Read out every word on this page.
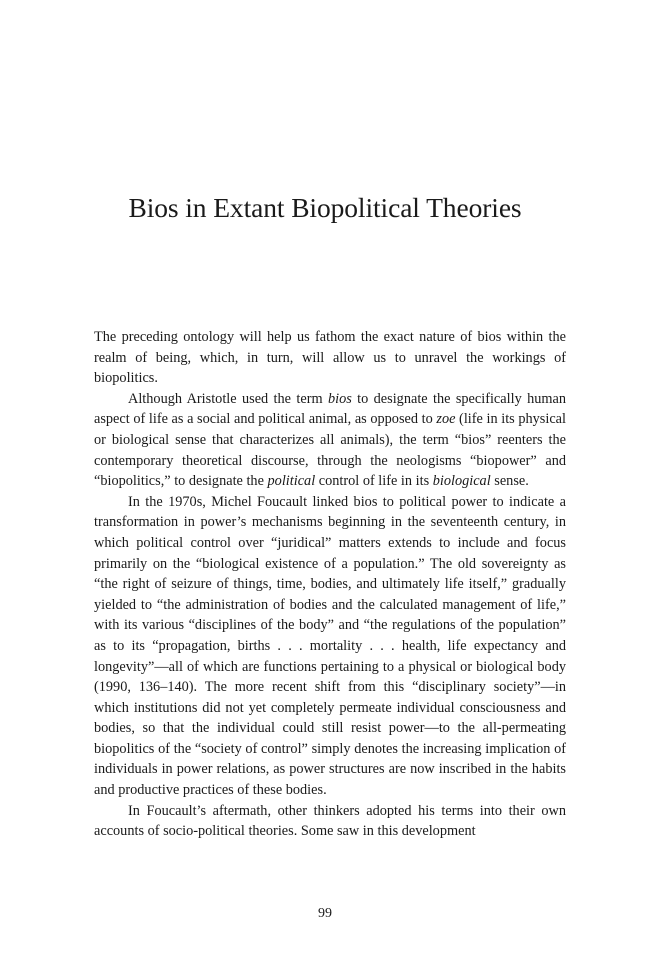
Bios in Extant Biopolitical Theories

The preceding ontology will help us fathom the exact nature of bios within the realm of being, which, in turn, will allow us to unravel the workings of biopolitics.

Although Aristotle used the term bios to designate the specifically human aspect of life as a social and political animal, as opposed to zoe (life in its physical or biological sense that characterizes all animals), the term “bios” reenters the contemporary theoretical discourse, through the neologisms “biopower” and “biopolitics,” to designate the political control of life in its biological sense.

In the 1970s, Michel Foucault linked bios to political power to indicate a transformation in power’s mechanisms beginning in the seventeenth century, in which political control over “juridical” matters extends to include and focus primarily on the “biological existence of a population.” The old sovereignty as “the right of seizure of things, time, bodies, and ultimately life itself,” gradually yielded to “the administration of bodies and the calculated management of life,” with its various “disciplines of the body” and “the regulations of the population” as to its “propagation, births . . . mortality . . . health, life expectancy and longevity”—all of which are functions pertaining to a physical or biological body (1990, 136–140). The more recent shift from this “disciplinary society”—in which institutions did not yet completely permeate individual consciousness and bodies, so that the individual could still resist power—to the all-permeating biopolitics of the “society of control” simply denotes the increasing implication of individuals in power relations, as power structures are now inscribed in the habits and productive practices of these bodies.

In Foucault’s aftermath, other thinkers adopted his terms into their own accounts of socio-political theories. Some saw in this development

99
